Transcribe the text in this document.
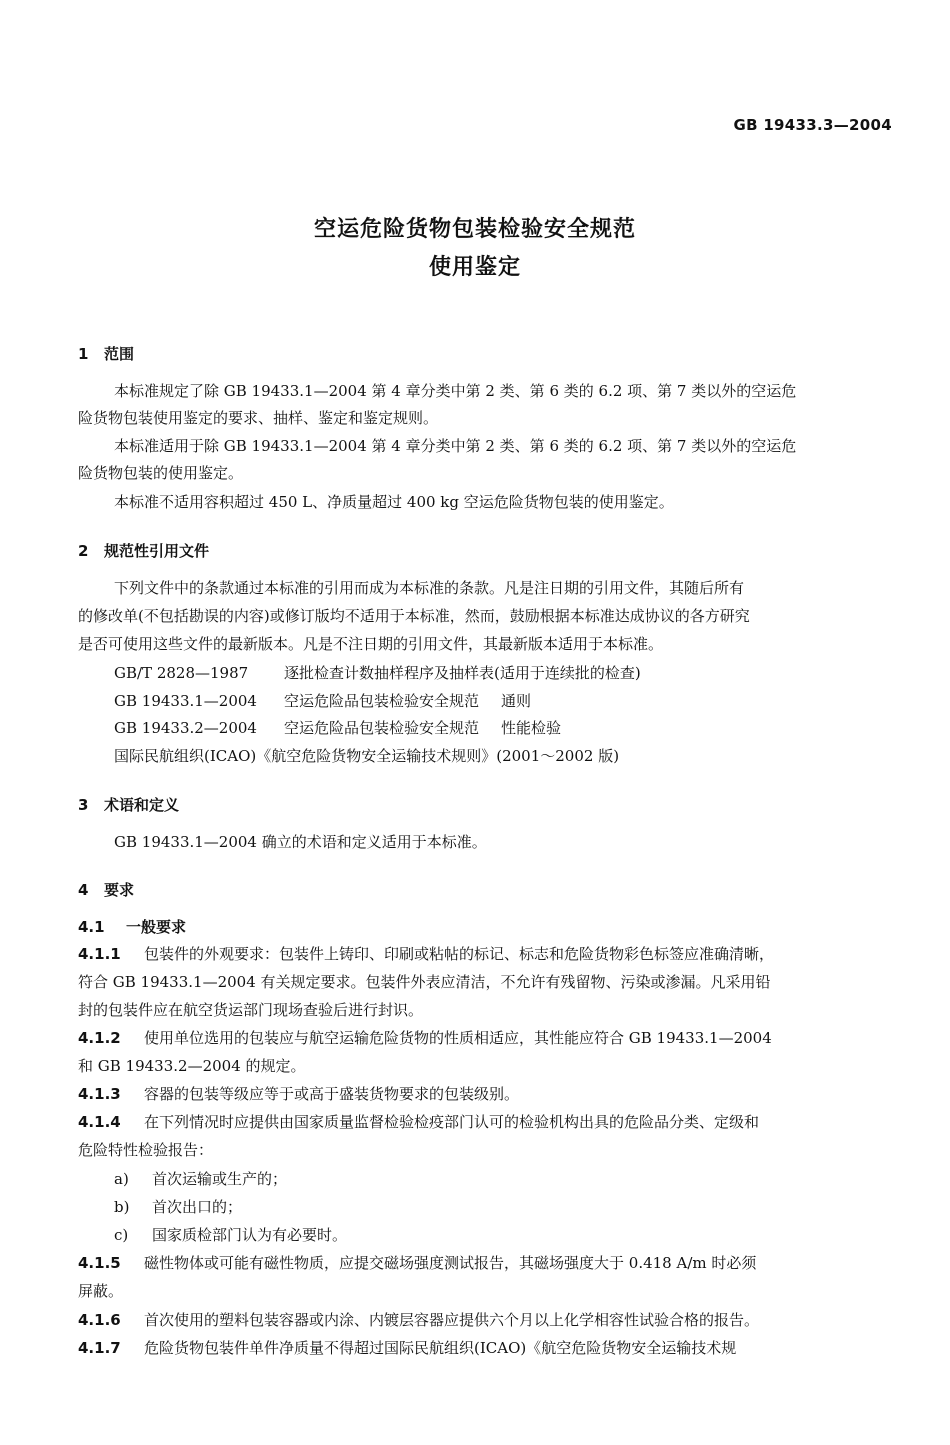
GB 19433.3—2004
空运危险货物包装检验安全规范
使用鉴定
1 范围
本标准规定了除 GB 19433.1—2004 第 4 章分类中第 2 类、第 6 类的 6.2 项、第 7 类以外的空运危
险货物包装使用鉴定的要求、抽样、鉴定和鉴定规则。
本标准适用于除 GB 19433.1—2004 第 4 章分类中第 2 类、第 6 类的 6.2 项、第 7 类以外的空运危
险货物包装的使用鉴定。
本标准不适用容积超过 450 L、净质量超过 400 kg 空运危险货物包装的使用鉴定。
2 规范性引用文件
下列文件中的条款通过本标准的引用而成为本标准的条款。凡是注日期的引用文件，其随后所有
的修改单(不包括勘误的内容)或修订版均不适用于本标准，然而，鼓励根据本标准达成协议的各方研究
是否可使用这些文件的最新版本。凡是不注日期的引用文件，其最新版本适用于本标准。
GB/T 2828—1987 逐批检查计数抽样程序及抽样表(适用于连续批的检查)
GB 19433.1—2004 空运危险品包装检验安全规范 通则
GB 19433.2—2004 空运危险品包装检验安全规范 性能检验
国际民航组织(ICAO)《航空危险货物安全运输技术规则》(2001～2002 版)
3 术语和定义
GB 19433.1—2004 确立的术语和定义适用于本标准。
4 要求
4.1 一般要求
4.1.1 包装件的外观要求：包装件上铸印、印刷或粘帖的标记、标志和危险货物彩色标签应准确清晰，
符合 GB 19433.1—2004 有关规定要求。包装件外表应清洁，不允许有残留物、污染或渗漏。凡采用铅
封的包装件应在航空货运部门现场查验后进行封识。
4.1.2 使用单位选用的包装应与航空运输危险货物的性质相适应，其性能应符合 GB 19433.1—2004
和 GB 19433.2—2004 的规定。
4.1.3 容器的包装等级应等于或高于盛装货物要求的包装级别。
4.1.4 在下列情况时应提供由国家质量监督检验检疫部门认可的检验机构出具的危险品分类、定级和
危险特性检验报告：
a) 首次运输或生产的；
b) 首次出口的；
c) 国家质检部门认为有必要时。
4.1.5 磁性物体或可能有磁性物质，应提交磁场强度测试报告，其磁场强度大于 0.418 A/m 时必须
屏蔽。
4.1.6 首次使用的塑料包装容器或内涂、内镀层容器应提供六个月以上化学相容性试验合格的报告。
4.1.7 危险货物包装件单件净质量不得超过国际民航组织(ICAO)《航空危险货物安全运输技术规
